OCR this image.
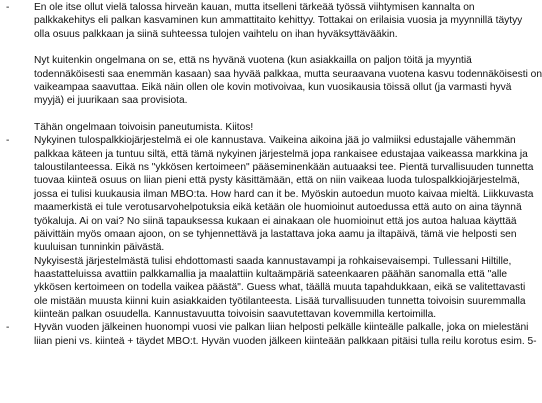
- En ole itse ollut vielä talossa hirveän kauan, mutta itselleni tärkeää työssä viihtymisen kannalta on
palkkakehitys eli palkan kasvaminen kun ammattitaito kehittyy. Tottakai on erilaisia vuosia ja myynnillä täytyy
olla osuus palkkaan ja siinä suhteessa tulojen vaihtelu on ihan hyväksyttävääkin.
Nyt kuitenkin ongelmana on se, että ns hyvänä vuotena (kun asiakkailla on paljon töitä ja myyntiä
todennäköisesti saa enemmän kasaan) saa hyvää palkkaa, mutta seuraavana vuotena kasvu todennäköisesti on
vaikeampaa saavuttaa. Eikä näin ollen ole kovin motivoivaa, kun vuosikausia töissä ollut (ja varmasti hyvä
myyjä) ei juurikaan saa provisiota.
Tähän ongelmaan toivoisin paneutumista. Kiitos!
- Nykyinen tulospalkkiojärjestelmä ei ole kannustava. Vaikeina aikoina jää jo valmiiksi edustajalle vähemmän
palkkaa käteen ja tuntuu siltä, että tämä nykyinen järjestelmä jopa rankaisee edustajaa vaikeassa markkina ja
taloustilanteessa. Eikä ns "ykkösen kertoimeen" pääseminenkään autuaaksi tee. Pientä turvallisuuden tunnetta
tuovaa kiinteä osuus on liian pieni että pysty käsittämään, että on niin vaikeaa luoda tulospalkkiojärjestelmä,
jossa ei tulisi kuukausia ilman MBO:ta. How hard can it be. Myöskin autoedun muoto kaivaa mieltä. Liikkuvasta
maamerkistä ei tule verotusarvohelpotuksia eikä ketään ole huomioinut autoedussa että auto on aina täynnä
työkaluja. Ai on vai? No siinä tapauksessa kukaan ei ainakaan ole huomioinut että jos autoa haluaa käyttää
päivittäin myös omaan ajoon, on se tyhjennettävä ja lastattava joka aamu ja iltapäivä, tämä vie helposti sen
kuuluisan tunninkin päivästä.
Nykyisestä järjestelmästä tulisi ehdottomasti saada kannustavampi ja rohkaisevaisempi. Tullessani Hiltille,
haastatteluissa avattiin palkkamallia ja maalattiin kultaämpäriä sateenkaaren päähän sanomalla että "alle
ykkösen kertoimeen on todella vaikea päästä". Guess what, täällä muuta tapahdukkaan, eikä se valitettavasti
ole mistään muusta kiinni kuin asiakkaiden työtilanteesta. Lisää turvallisuuden tunnetta toivoisin suuremmalla
kiinteän palkan osuudella. Kannustavuutta toivoisin saavutettavan kovemmilla kertoimilla.
- Hyvän vuoden jälkeinen huonompi vuosi vie palkan liian helposti pelkälle kiinteälle palkalle, joka on mielestäni
liian pieni vs. kiinteä + täydet MBO:t. Hyvän vuoden jälkeen kiinteään palkkaan pitäisi tulla reilu korotus esim. 5-
